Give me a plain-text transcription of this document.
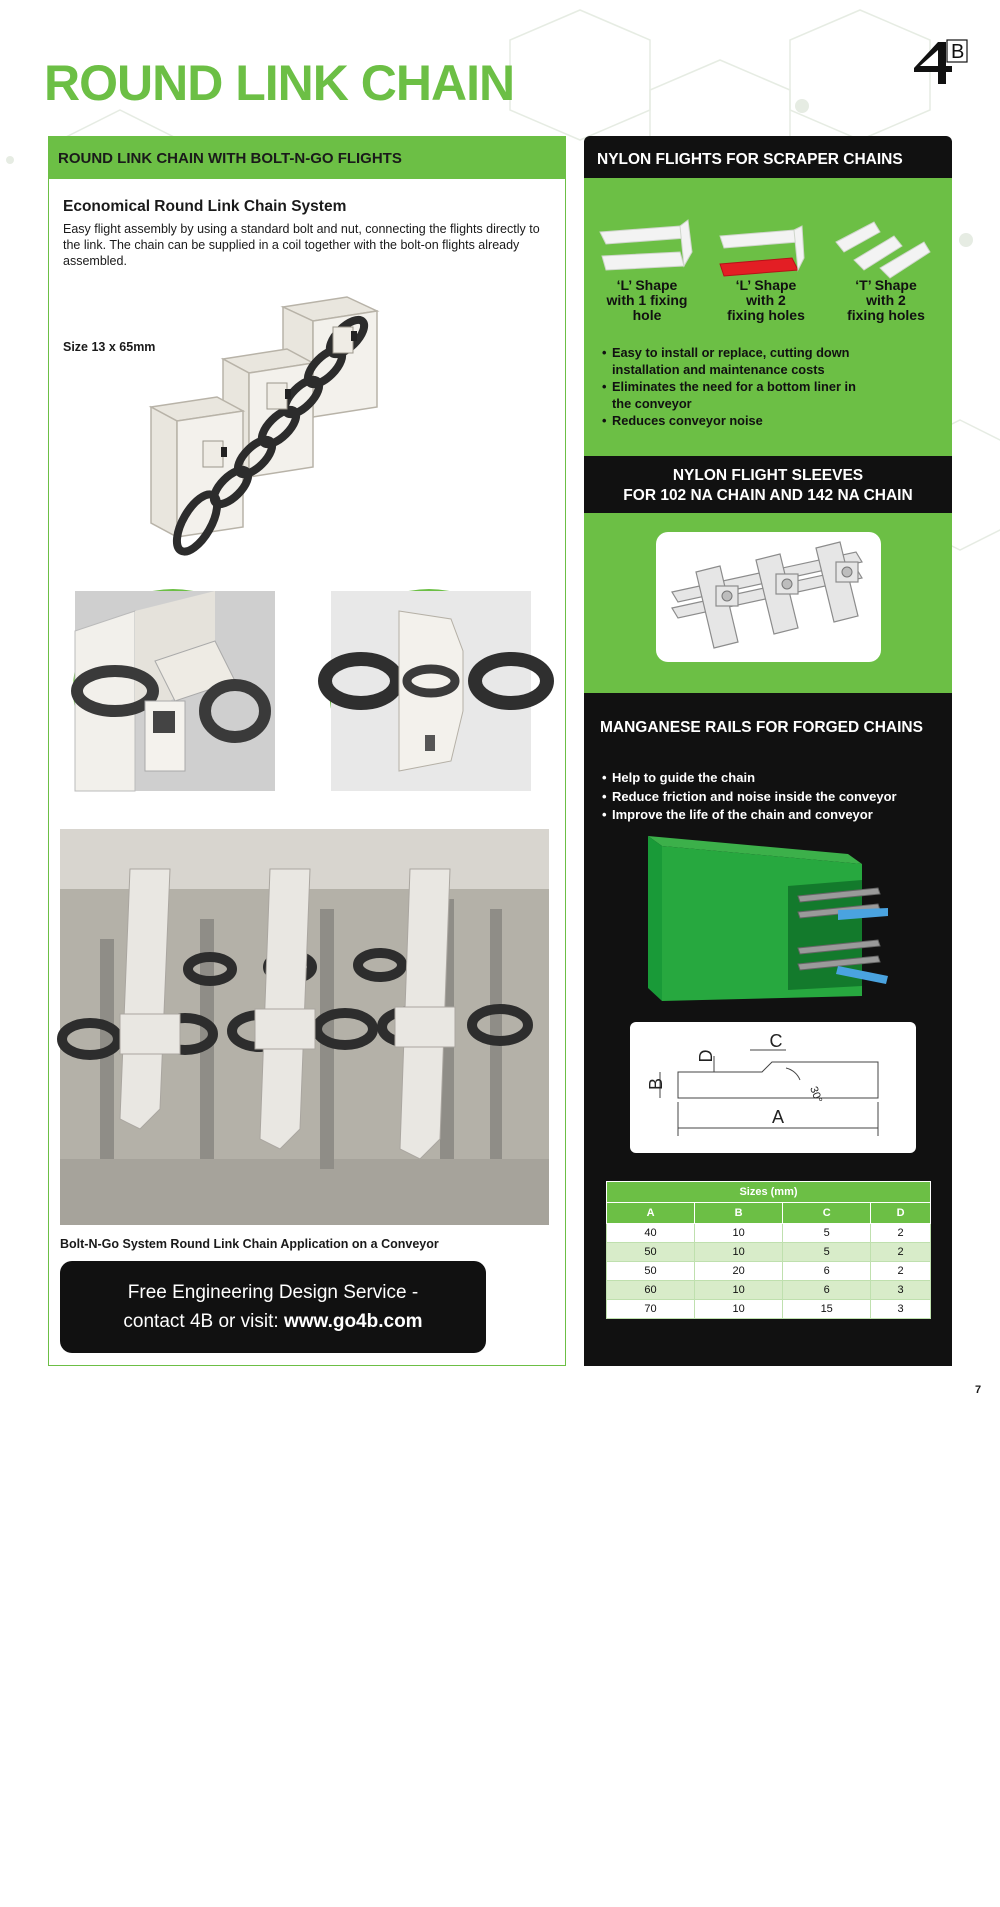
ROUND LINK CHAIN
B
ROUND LINK CHAIN WITH BOLT-N-GO FLIGHTS
Economical Round Link Chain System
Easy flight assembly by using a standard bolt and nut, connecting the flights directly to the link. The chain can be supplied in a coil together with the bolt-on flights already assembled.
Size 13 x 65mm
Bolt-N-Go System Round Link Chain Application on a Conveyor
Free Engineering Design Service -
contact 4B or visit: www.go4b.com
NYLON FLIGHTS FOR SCRAPER CHAINS
‘L’ Shape
with 1 fixing
hole
‘L’ Shape
with 2
fixing holes
‘T’ Shape
with 2
fixing holes
• Easy to install or replace, cutting down
installation and maintenance costs
• Eliminates the need for a bottom liner in
the conveyor
• Reduces conveyor noise
NYLON FLIGHT SLEEVES
FOR 102 NA CHAIN AND 142 NA CHAIN
MANGANESE RAILS FOR FORGED CHAINS
• Help to guide the chain
• Reduce friction and noise inside the conveyor
• Improve the life of the chain and conveyor
More sizes available on demand
A
B
C
D
30°
Sizes (mm)			
A	B	C	D
40	10	5	2
50	10	5	2
50	20	6	2
60	10	6	3
70	10	15	3
7
